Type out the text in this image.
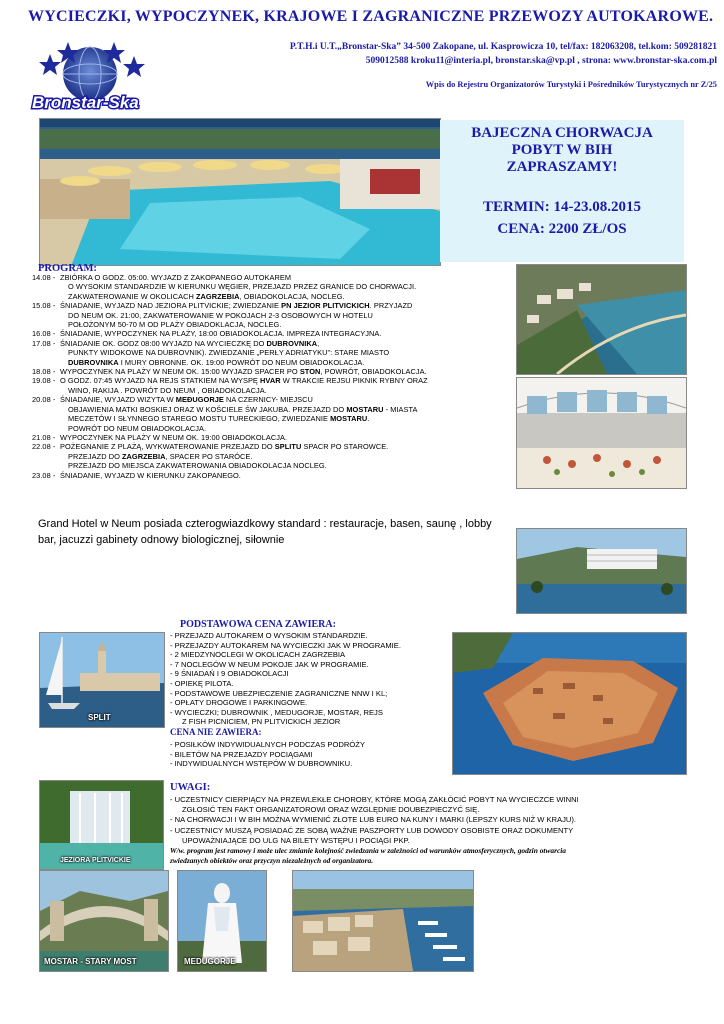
WYCIECZKI, WYPOCZYNEK, KRAJOWE I ZAGRANICZNE PRZEWOZY AUTOKAROWE.
Bronstar-Ska
P.T.H.i U.T.„Bronstar-Ska” 34-500 Zakopane, ul. Kasprowicza 10, tel/fax: 182063208, tel.kom: 509281821
509012588 kroku11@interia.pl, bronstar.ska@vp.pl , strona: www.bronstar-ska.com.pl
Wpis do Rejestru Organizatorów Turystyki i Pośredników Turystycznych nr Z/25
BAJECZNA CHORWACJA
POBYT W BIH
ZAPRASZAMY!
TERMIN: 14-23.08.2015
CENA: 2200 ZŁ/OS
PROGRAM:
14.08 - ZBIÓRKA O GODZ. 05:00. WYJAZD Z ZAKOPANEGO AUTOKAREM
O WYSOKIM STANDARDZIE W KIERUNKU WĘGIER, PRZEJAZD PRZEZ GRANICE DO CHORWACJI.
ZAKWATEROWANIE W OKOLICACH ZAGRZEBIA, OBIADOKOLACJA, NOCLEG.
15.08 - ŚNIADANIE, WYJAZD NAD JEZIORA PLITVICKIE; ZWIEDZANIE PN JEZIOR PLITVICKICH. PRZYJAZD
DO NEUM OK. 21:00, ZAKWATEROWANIE W POKOJACH 2-3 OSOBOWYCH W HOTELU
POŁOŻONYM 50-70 M OD PLAŻY OBIADOKLACJA, NOCLEG.
16.08 - ŚNIADANIE, WYPOCZYNEK NA PLAŻY, 18:00 OBIADOKOLACJA. IMPREZA INTEGRACYJNA.
17.08 - ŚNIADANIE OK. GODZ 08:00 WYJAZD NA WYCIECZKĘ DO DUBROVNIKA,
PUNKTY WIDOKOWE NA DUBROVNIK). ZWIEDZANIE „PERŁY ADRIATYKU”: STARE MIASTO
DUBROVNIKA I MURY OBRONNE. OK. 19:00 POWRÓT DO NEUM OBIADOKOLACJA.
18.08 - WYPOCZYNEK NA PLAŻY W NEUM OK. 15:00 WYJAZD SPACER PO STON, POWRÓT, OBIADOKOLACJA.
19.08 - O GODZ. 07:45 WYJAZD NA REJS STATKIEM NA WYSPĘ HVAR W TRAKCIE REJSU PIKNIK RYBNY ORAZ
WINO, RAKIJA . POWRÓT DO NEUM , OBIADOKOLACJA.
20.08 - ŚNIADANIE, WYJAZD WIZYTA W MEĐUGORJE NA CZERNICY- MIEJSCU
OBJAWIENIA MATKI BOSKIEJ ORAZ W KOŚCIELE ŚW JAKUBA. PRZEJAZD DO MOSTARU - MIASTA
MECZETÓW I SŁYNNEGO STAREGO MOSTU TURECKIEGO, ZWIEDZANIE MOSTARU.
POWRÓT DO NEUM OBIADOKOLACJA.
21.08 - WYPOCZYNEK NA PLAŻY W NEUM OK. 19:00 OBIADOKOLACJA.
22.08 - POŻEGNANIE Z PLAŻĄ, WYKWATEROWANIE PRZEJAZD DO SPLITU SPACR PO STAROWCE.
PRZEJAZD DO ZAGRZEBIA, SPACER PO STARÓCE.
PRZEJAZD DO MIEJSCA ZAKWATEROWANIA OBIADOKOLACJA NOCLEG.
23.08 - ŚNIADANIE, WYJAZD W KIERUNKU ZAKOPANEGO.
Grand Hotel w Neum posiada czterogwiazdkowy standard : restauracje, basen, saunę , lobby bar, jacuzzi gabinety odnowy biologicznej, siłownie
SPLIT
PODSTAWOWA CENA ZAWIERA:
- PRZEJAZD AUTOKAREM O WYSOKIM STANDARDZIE.
- PRZEJAZDY AUTOKAREM NA WYCIECZKI JAK W PROGRAMIE.
- 2 MIEDZYNOCLEGI W OKOLICACH ZAGRZEBIA
- 7 NOCLEGÓW W NEUM POKOJE JAK W PROGRAMIE.
- 9 ŚNIADAŃ I 9 OBIADOKOLACJI
- OPIEKĘ PILOTA.
- PODSTAWOWE UBEZPIECZENIE ZAGRANICZNE NNW I KL;
- OPŁATY DROGOWE I PARKINGOWE.
- WYCIECZKI; DUBROWNIK , MEDUGORJE, MOSTAR, REJS
Z FISH PICNICIEM, PN PLITVICKICH JEZIOR
CENA NIE ZAWIERA:
- POSIŁKÓW INDYWIDUALNYCH PODCZAS PODRÓŻY
- BILETÓW NA PRZEJAZDY POCIĄGAMI
- INDYWIDUALNYCH WSTĘPÓW W DUBROWNIKU.
UWAGI:
- UCZESTNICY CIERPIĄCY NA PRZEWLEKŁE CHOROBY, KTÓRE MOGĄ ZAKŁÓCIĆ POBYT NA WYCIECZCE WINNI
ZGŁOSIĆ TEN FAKT ORGANIZATOROWI ORAZ WZGLĘDNIE DOUBEZPIECZYĆ SIĘ.
- NA CHORWACJI I W BIH MOŻNA WYMIENIĆ ZŁOTE LUB EURO NA KUNY I MARKI (LEPSZY KURS NIŻ W KRAJU).
- UCZESTNICY MUSZĄ POSIADAĆ ZE SOBĄ WAŻNE PASZPORTY LUB DOWODY OSOBISTE ORAZ DOKUMENTY
UPOWAŻNIAJĄCE DO ULG NA BILETY WSTĘPU I POCIĄGI PKP.
W/w. program jest ramowy i może ulec zmianie kolejność zwiedzania w zależności od warunków atmosferycznych, godzin otwarcia
zwiedzanych obiektów oraz przyczyn niezależnych od organizatora.
JEZIORA PLITVICKIE
MOSTAR - STARY MOST	MEDUGORJE
